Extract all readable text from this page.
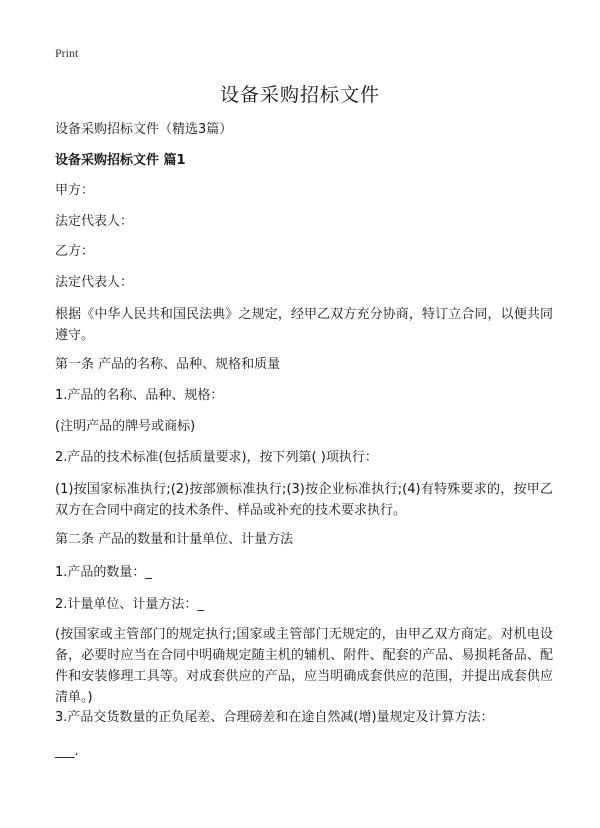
Print
设备采购招标文件
设备采购招标文件（精选3篇）
设备采购招标文件 篇1
甲方：
法定代表人：
乙方：
法定代表人：
根据《中华人民共和国民法典》之规定，经甲乙双方充分协商，特订立合同，以便共同遵守。
第一条 产品的名称、品种、规格和质量
1.产品的名称、品种、规格：
(注明产品的牌号或商标)
2.产品的技术标准(包括质量要求)，按下列第( )项执行：
(1)按国家标准执行;(2)按部颁标准执行;(3)按企业标准执行;(4)有特殊要求的，按甲乙双方在合同中商定的技术条件、样品或补充的技术要求执行。
第二条 产品的数量和计量单位、计量方法
1.产品的数量：_
2.计量单位、计量方法：_
(按国家或主管部门的规定执行;国家或主管部门无规定的，由甲乙双方商定。对机电设备，必要时应当在合同中明确规定随主机的辅机、附件、配套的产品、易损耗备品、配件和安装修理工具等。对成套供应的产品，应当明确成套供应的范围，并提出成套供应清单。)
3.产品交货数量的正负尾差、合理磅差和在途自然减(增)量规定及计算方法：
___.
